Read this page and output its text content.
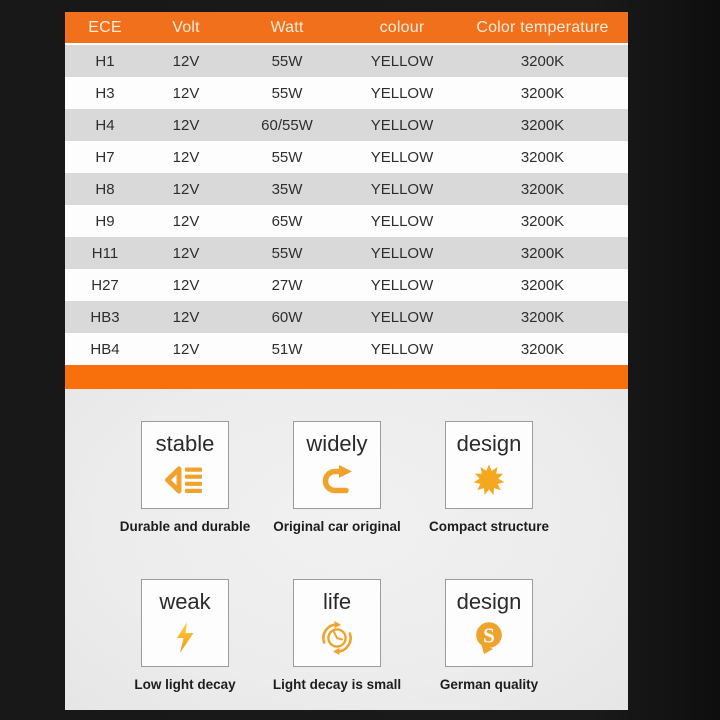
ECE	Volt	Watt	colour	Color temperature
H1	12V	55W	YELLOW	3200K
H3	12V	55W	YELLOW	3200K
H4	12V	60/55W	YELLOW	3200K
H7	12V	55W	YELLOW	3200K
H8	12V	35W	YELLOW	3200K
H9	12V	65W	YELLOW	3200K
H11	12V	55W	YELLOW	3200K
H27	12V	27W	YELLOW	3200K
HB3	12V	60W	YELLOW	3200K
HB4	12V	51W	YELLOW	3200K
stable
Durable and durable
widely
Original car original
design
Compact structure
weak
Low light decay
life
Light decay is small
design
S
German quality
